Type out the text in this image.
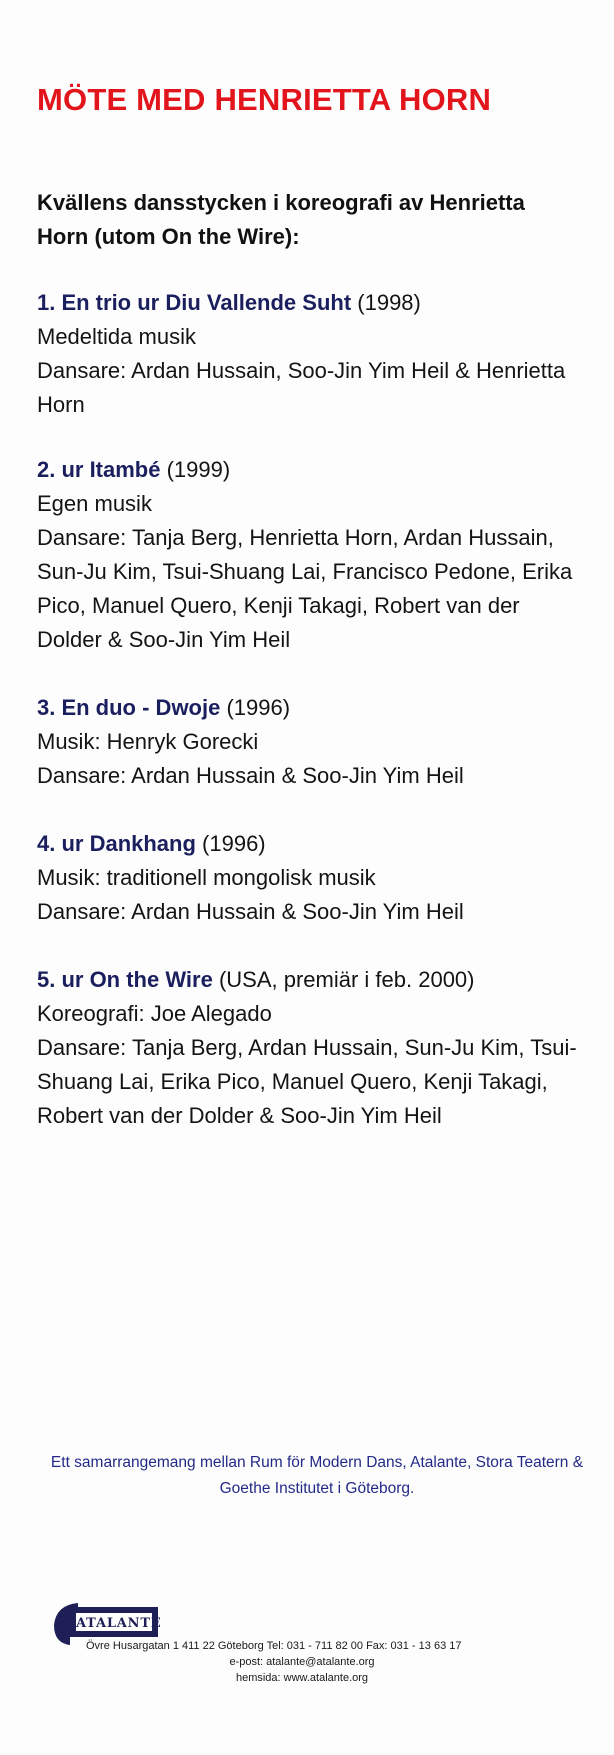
MÖTE MED HENRIETTA HORN

Kvällens dansstycken i koreografi av Henrietta Horn (utom On the Wire):

1. En trio ur Diu Vallende Suht (1998)
Medeltida musik
Dansare: Ardan Hussain, Soo-Jin Yim Heil & Henrietta Horn
2. ur Itambé (1999)
Egen musik
Dansare: Tanja Berg, Henrietta Horn, Ardan Hussain, Sun-Ju Kim, Tsui-Shuang Lai, Francisco Pedone, Erika Pico, Manuel Quero, Kenji Takagi, Robert van der Dolder & Soo-Jin Yim Heil
3. En duo - Dwoje (1996)
Musik: Henryk Gorecki
Dansare: Ardan Hussain & Soo-Jin Yim Heil
4. ur Dankhang (1996)
Musik: traditionell mongolisk musik
Dansare: Ardan Hussain & Soo-Jin Yim Heil
5. ur On the Wire (USA, premiär i feb. 2000)
Koreografi: Joe Alegado
Dansare: Tanja Berg, Ardan Hussain, Sun-Ju Kim, Tsui-Shuang Lai, Erika Pico, Manuel Quero, Kenji Takagi, Robert van der Dolder & Soo-Jin Yim Heil

Ett samarrangemang mellan Rum för Modern Dans, Atalante, Stora Teatern & Goethe Institutet i Göteborg.

ATALANTE
Övre Husargatan 1 411 22 Göteborg Tel: 031 - 711 82 00 Fax: 031 - 13 63 17
e-post: atalante@atalante.org
hemsida: www.atalante.org
